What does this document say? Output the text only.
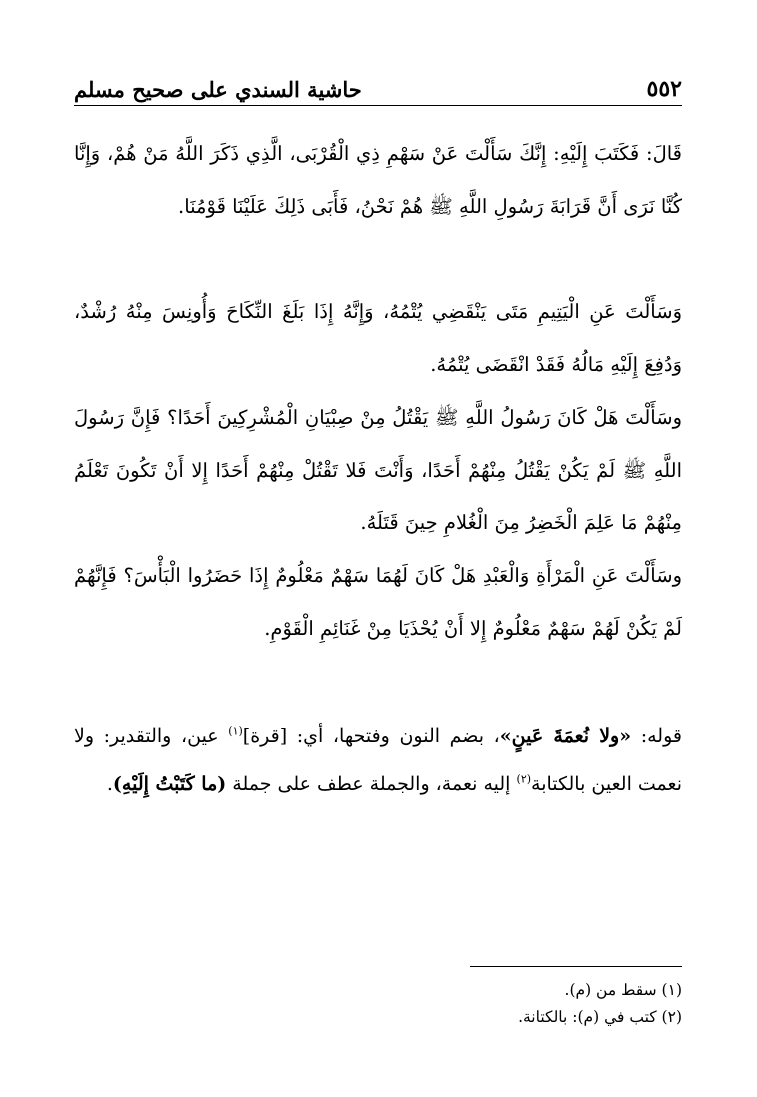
٥٥٢
حاشية السندي على صحيح مسلم

قَالَ: فَكَتَبَ إِلَيْهِ: إِنَّكَ سَأَلْتَ عَنْ سَهْمِ ذِي الْقُرْبَى، الَّذِي ذَكَرَ اللَّهُ مَنْ هُمْ، وَإِنَّا كُنَّا نَرَى أَنَّ قَرَابَةَ رَسُولِ اللَّهِ ﷺ هُمْ نَحْنُ، فَأَبَى ذَلِكَ عَلَيْنَا قَوْمُنَا.

وَسَأَلْتَ عَنِ الْيَتِيمِ مَتَى يَنْقَضِي يُتْمُهُ، وَإِنَّهُ إِذَا بَلَغَ النِّكَاحَ وَأُونِسَ مِنْهُ رُشْدٌ، وَدُفِعَ إِلَيْهِ مَالُهُ فَقَدْ انْقَضَى يُتْمُهُ.

وسَأَلْتَ هَلْ كَانَ رَسُولُ اللَّهِ ﷺ يَقْتُلُ مِنْ صِبْيَانِ الْمُشْرِكِينَ أَحَدًا؟ فَإِنَّ رَسُولَ اللَّهِ ﷺ لَمْ يَكُنْ يَقْتُلُ مِنْهُمْ أَحَدًا، وَأَنْتَ فَلا تَقْتُلْ مِنْهُمْ أَحَدًا إِلا أَنْ تَكُونَ تَعْلَمُ مِنْهُمْ مَا عَلِمَ الْخَضِرُ مِنَ الْغُلامِ حِينَ قَتَلَهُ.

وسَأَلْتَ عَنِ الْمَرْأَةِ وَالْعَبْدِ هَلْ كَانَ لَهُمَا سَهْمٌ مَعْلُومٌ إِذَا حَضَرُوا الْبَأْسَ؟ فَإِنَّهُمْ لَمْ يَكُنْ لَهُمْ سَهْمٌ مَعْلُومٌ إِلا أَنْ يُحْذَيَا مِنْ غَنَائِمِ الْقَوْمِ.

قوله: «ولا نُعمَةَ عَينٍ»، بضم النون وفتحها، أي: [قرة]$^{(١)}$ عين، والتقدير: ولا نعمت العين بالكتابة$^{(٢)}$ إليه نعمة، والجملة عطف على جملة (ما كَتَبْتُ إِلَيْهِ).

(١) سقط من (م).
(٢) كتب في (م): بالكتانة.
